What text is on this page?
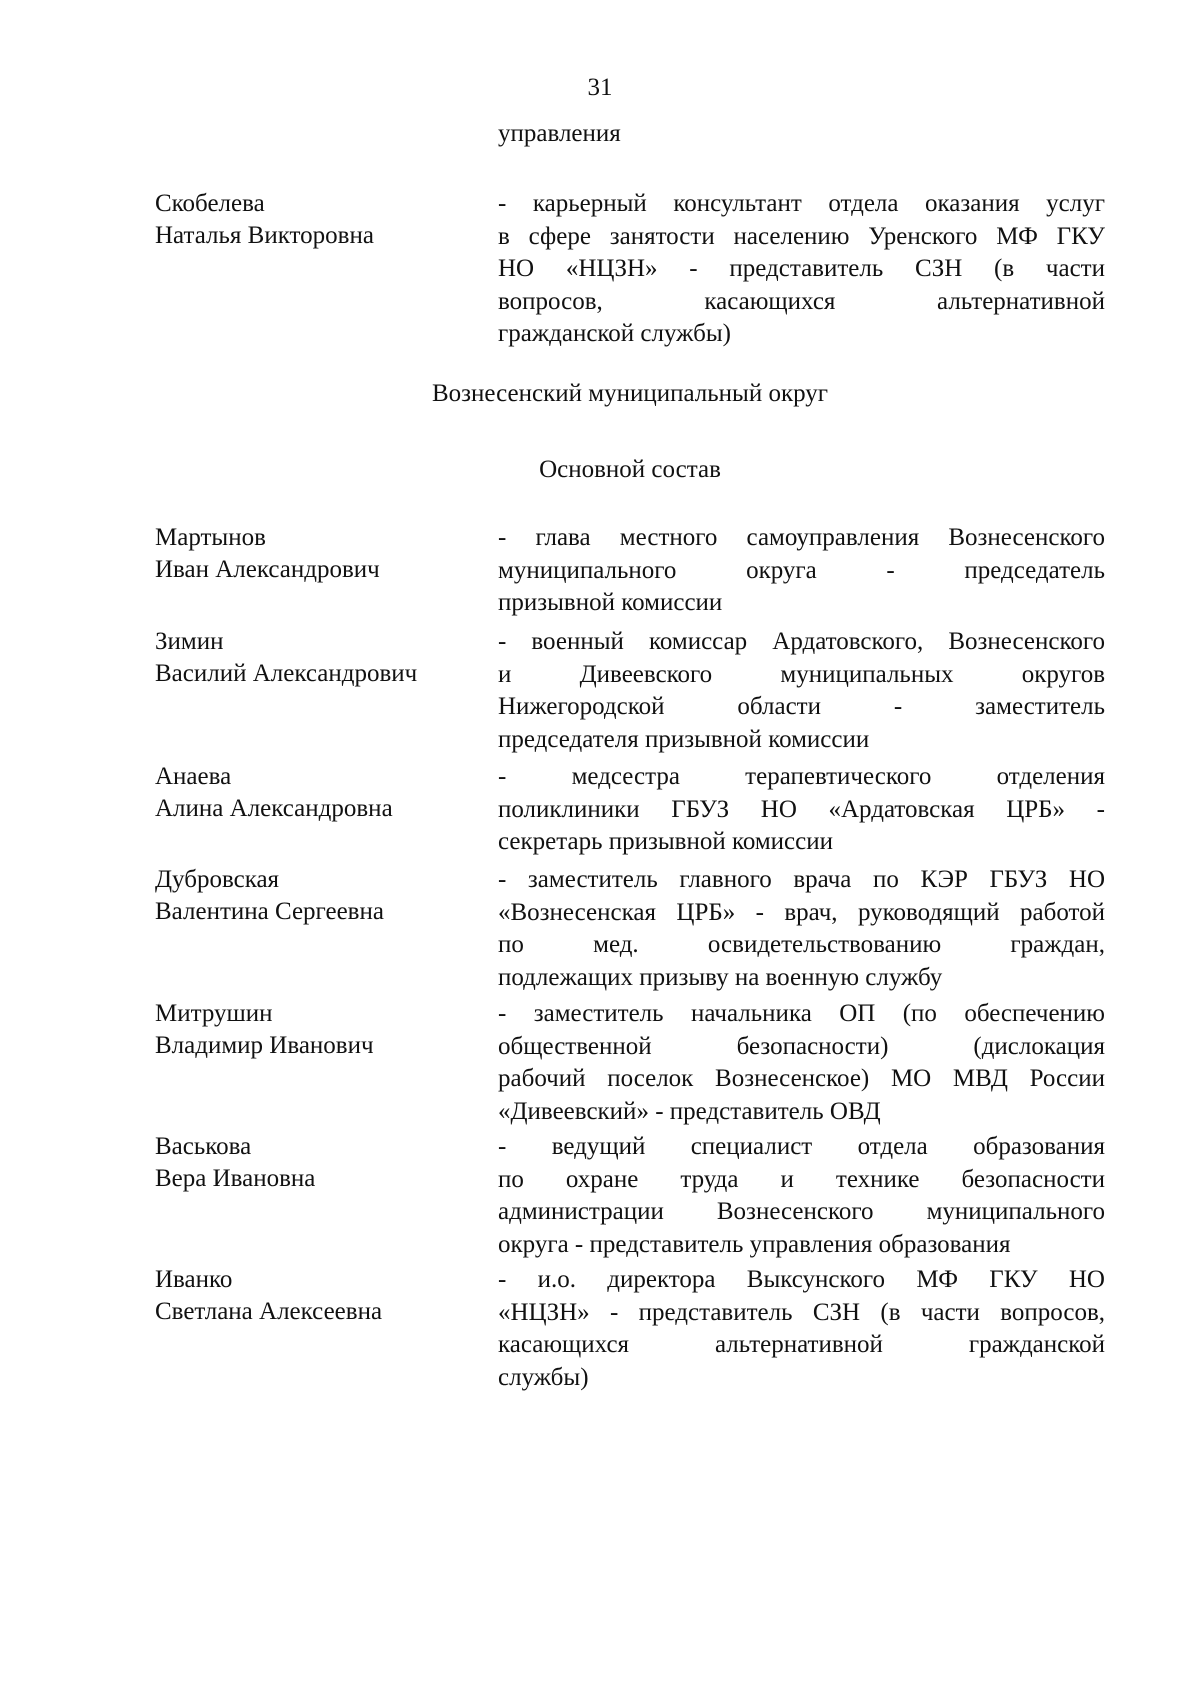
31
управления
Скобелева
Наталья Викторовна
- карьерный консультант отдела оказания услуг
в сфере занятости населению Уренского МФ ГКУ
НО «НЦЗН» - представитель СЗН (в части
вопросов, касающихся альтернативной
гражданской службы)
Вознесенский муниципальный округ
Основной состав
Мартынов
Иван Александрович
- глава местного самоуправления Вознесенского
муниципального округа - председатель
призывной комиссии
Зимин
Василий Александрович
- военный комиссар Ардатовского, Вознесенского
и Дивеевского муниципальных округов
Нижегородской области - заместитель
председателя призывной комиссии
Анаева
Алина Александровна
- медсестра терапевтического отделения
поликлиники ГБУЗ НО «Ардатовская ЦРБ» -
секретарь призывной комиссии
Дубровская
Валентина Сергеевна
- заместитель главного врача по КЭР ГБУЗ НО
«Вознесенская ЦРБ» - врач, руководящий работой
по мед. освидетельствованию граждан,
подлежащих призыву на военную службу
Митрушин
Владимир Иванович
- заместитель начальника ОП (по обеспечению
общественной безопасности) (дислокация
рабочий поселок Вознесенское) МО МВД России
«Дивеевский» - представитель ОВД
Васькова
Вера Ивановна
- ведущий специалист отдела образования
по охране труда и технике безопасности
администрации Вознесенского муниципального
округа - представитель управления образования
Иванко
Светлана Алексеевна
- и.о. директора Выксунского МФ ГКУ НО
«НЦЗН» - представитель СЗН (в части вопросов,
касающихся альтернативной гражданской
службы)
